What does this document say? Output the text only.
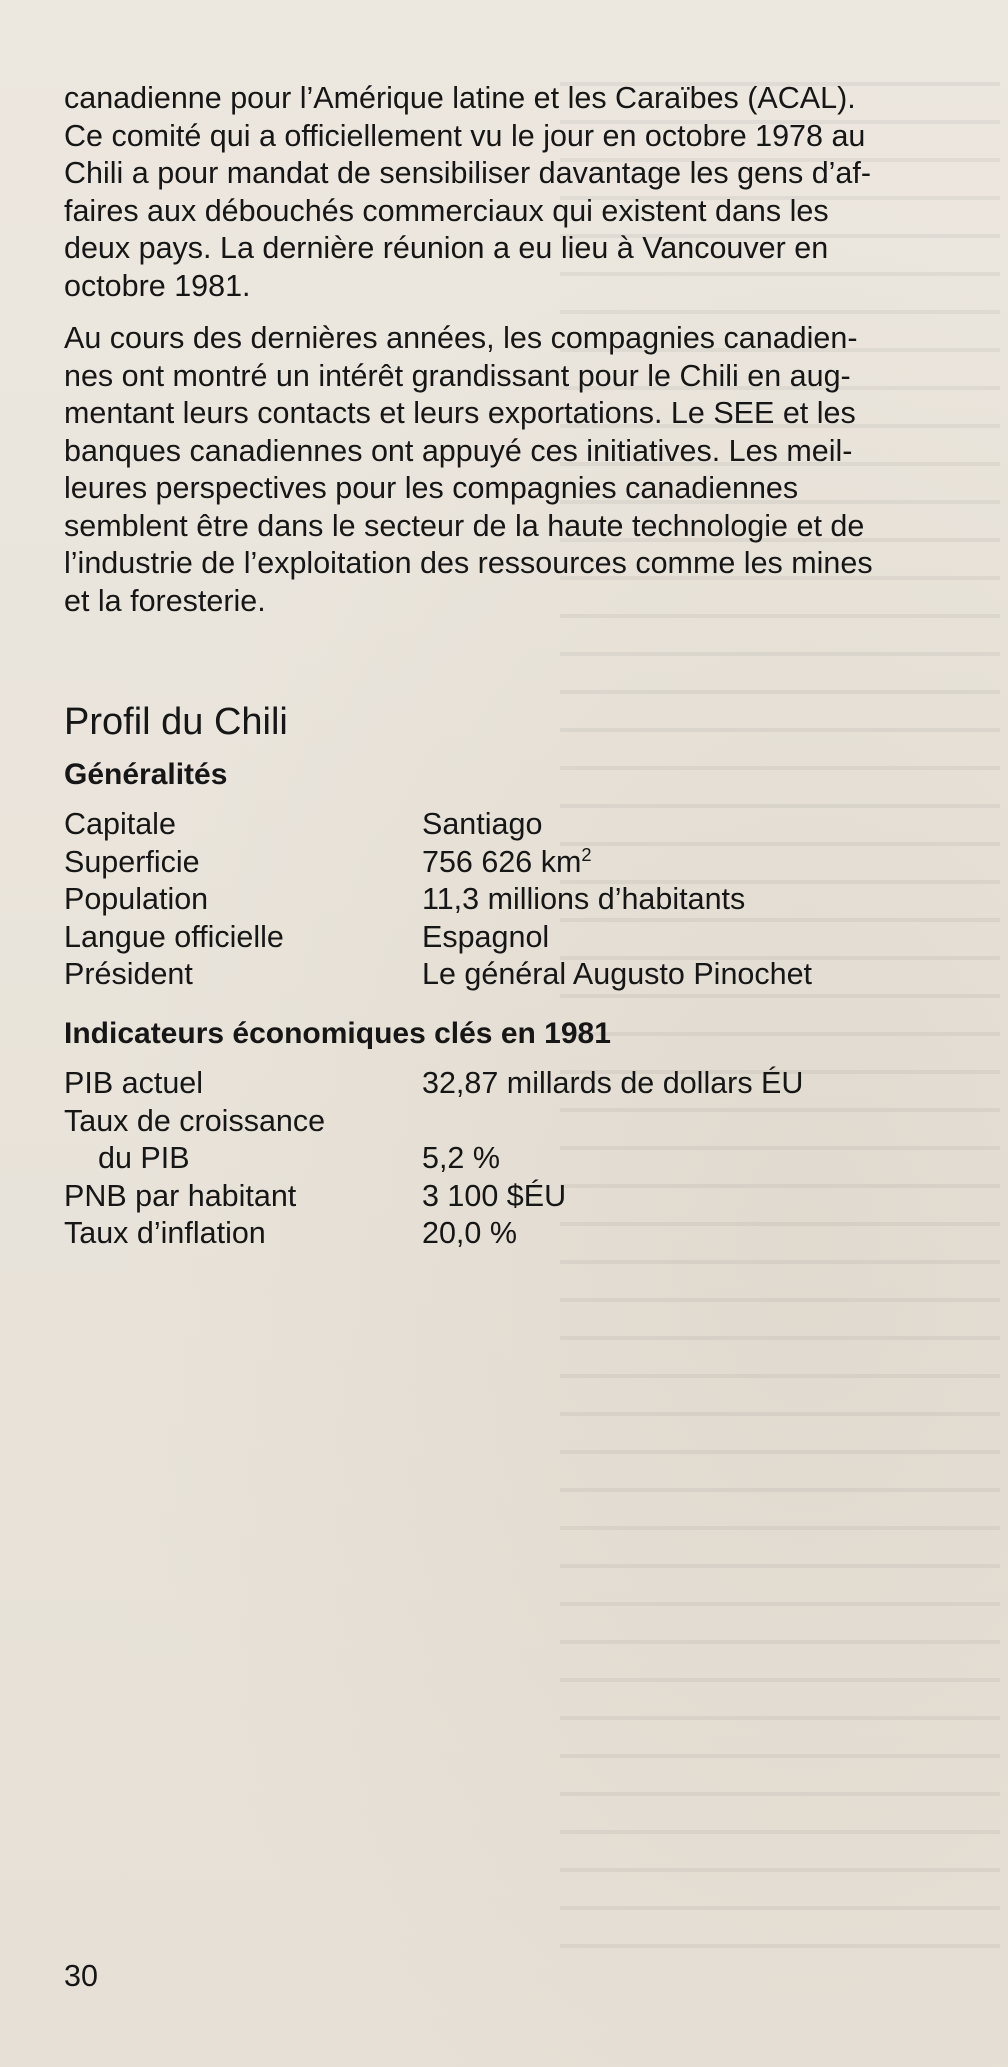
canadienne pour l’Amérique latine et les Caraïbes (ACAL).
Ce comité qui a officiellement vu le jour en octobre 1978 au
Chili a pour mandat de sensibiliser davantage les gens d’af-
faires aux débouchés commerciaux qui existent dans les
deux pays. La dernière réunion a eu lieu à Vancouver en
octobre 1981.

Au cours des dernières années, les compagnies canadien-
nes ont montré un intérêt grandissant pour le Chili en aug-
mentant leurs contacts et leurs exportations. Le SEE et les
banques canadiennes ont appuyé ces initiatives. Les meil-
leures perspectives pour les compagnies canadiennes
semblent être dans le secteur de la haute technologie et de
l’industrie de l’exploitation des ressources comme les mines
et la foresterie.

Profil du Chili
Généralités
Capitale	Santiago
Superficie	756 626 $km^2$
Population	11,3 millions d’habitants
Langue officielle	Espagnol
Président	Le général Augusto Pinochet
Indicateurs économiques clés en 1981
PIB actuel	32,87 millards de dollars ÉU
Taux de croissance
du PIB	5,2 %
PNB par habitant	3 100 $ÉU
Taux d’inflation	20,0 %
30
